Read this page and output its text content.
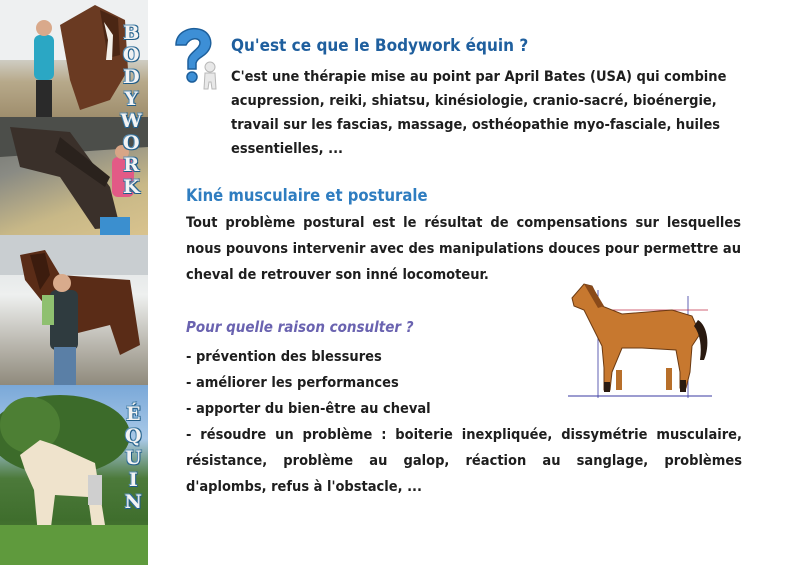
B
O
D
Y
W
O
R
K
É
Q
U
I
N
Qu'est ce que le Bodywork équin ?

C'est une thérapie mise au point par April Bates (USA) qui combine acupression, reiki, shiatsu, kinésiologie, cranio-sacré, bioénergie, travail sur les fascias, massage, osthéopathie myo-fasciale, huiles essentielles, ...

Kiné musculaire et posturale

Tout problème postural est le résultat de compensations sur lesquelles nous pouvons intervenir avec des manipulations douces pour permettre au cheval de retrouver son inné locomoteur.

Pour quelle raison consulter ?
- prévention des blessures
- améliorer les performances
- apporter du bien-être au cheval
- résoudre un problème : boiterie inexpliquée, dissymétrie musculaire, résistance, problème au galop, réaction au sanglage, problèmes d'aplombs, refus à l'obstacle, ...
